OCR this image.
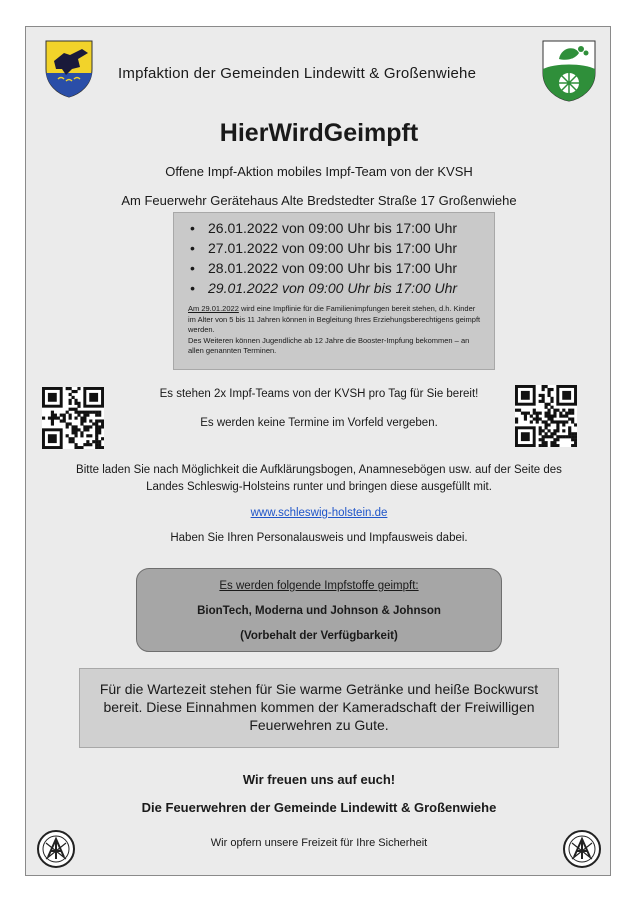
Impfaktion der Gemeinden Lindewitt & Großenwiehe
HierWirdGeimpft
Offene Impf-Aktion mobiles Impf-Team von der KVSH
Am Feuerwehr Gerätehaus Alte Bredstedter Straße 17 Großenwiehe
• 26.01.2022 von 09:00 Uhr bis 17:00 Uhr
• 27.01.2022 von 09:00 Uhr bis 17:00 Uhr
• 28.01.2022 von 09:00 Uhr bis 17:00 Uhr
• 29.01.2022 von 09:00 Uhr bis 17:00 Uhr
Am 29.01.2022 wird eine Impflinie für die Familienimpfungen bereit stehen, d.h. Kinder im Alter von 5 bis 11 Jahren können in Begleitung Ihres Erziehungsberechtigens geimpft werden.
Des Weiteren können Jugendliche ab 12 Jahre die Booster-Impfung bekommen – an allen genannten Terminen.
Es stehen 2x Impf-Teams von der KVSH pro Tag für Sie bereit!
Es werden keine Termine im Vorfeld vergeben.
Bitte laden Sie nach Möglichkeit die Aufklärungsbogen, Anamnesebögen usw. auf der Seite des Landes Schleswig-Holsteins runter und bringen diese ausgefüllt mit.
www.schleswig-holstein.de
Haben Sie Ihren Personalausweis und Impfausweis dabei.
Es werden folgende Impfstoffe geimpft:
BionTech, Moderna und Johnson & Johnson
(Vorbehalt der Verfügbarkeit)
Für die Wartezeit stehen für Sie warme Getränke und heiße Bockwurst bereit. Diese Einnahmen kommen der Kameradschaft der Freiwilligen Feuerwehren zu Gute.
Wir freuen uns auf euch!
Die Feuerwehren der Gemeinde Lindewitt & Großenwiehe
Wir opfern unsere Freizeit für Ihre Sicherheit
